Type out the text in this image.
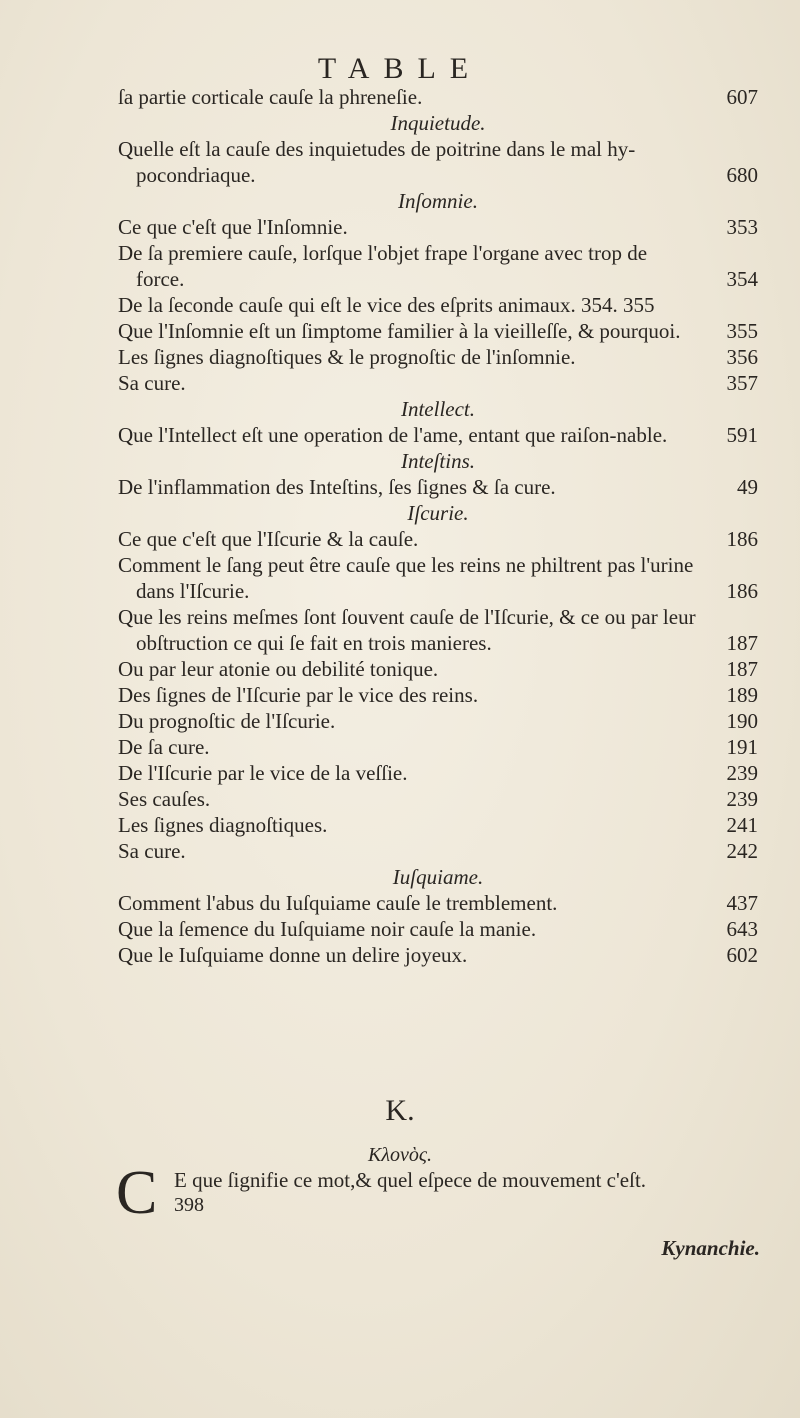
TABLE
ſa partie corticale cauſe la phreneſie.	607
Inquietude.
Quelle eſt la cauſe des inquietudes de poitrine dans le mal hy-pocondriaque.	680
Inſomnie.
Ce que c'eſt que l'Inſomnie.	353
De ſa premiere cauſe, lorſque l'objet frape l'organe avec trop de force.	354
De la ſeconde cauſe qui eſt le vice des eſprits animaux. 354. 355
Que l'Inſomnie eſt un ſimptome familier à la vieilleſſe, & pourquoi. 355
Les ſignes diagnoſtiques & le prognoſtic de l'inſomnie.	356
Sa cure.	357
Intellect.
Que l'Intellect eſt une operation de l'ame, entant que raiſon-nable.	591
Inteſtins.
De l'inflammation des Inteſtins, ſes ſignes & ſa cure.	49
Iſcurie.
Ce que c'eſt que l'Iſcurie & la cauſe.	186
Comment le ſang peut être cauſe que les reins ne philtrent pas l'urine dans l'Iſcurie.	186
Que les reins meſmes ſont ſouvent cauſe de l'Iſcurie, & ce ou par leur obſtruction ce qui ſe fait en trois manieres.	187
Ou par leur atonie ou debilité tonique.	187
Des ſignes de l'Iſcurie par le vice des reins.	189
Du prognoſtic de l'Iſcurie.	190
De ſa cure.	191
De l'Iſcurie par le vice de la veſſie.	239
Ses cauſes.	239
Les ſignes diagnoſtiques.	241
Sa cure.	242
Iuſquiame.
Comment l'abus du Iuſquiame cauſe le tremblement.	437
Que la ſemence du Iuſquiame noir cauſe la manie.	643
Que le Iuſquiame donne un delire joyeux.	602
K.
Κλονὸς.
C E que ſignifie ce mot,& quel eſpece de mouvement c'eſt.
398
Kynanchie.
